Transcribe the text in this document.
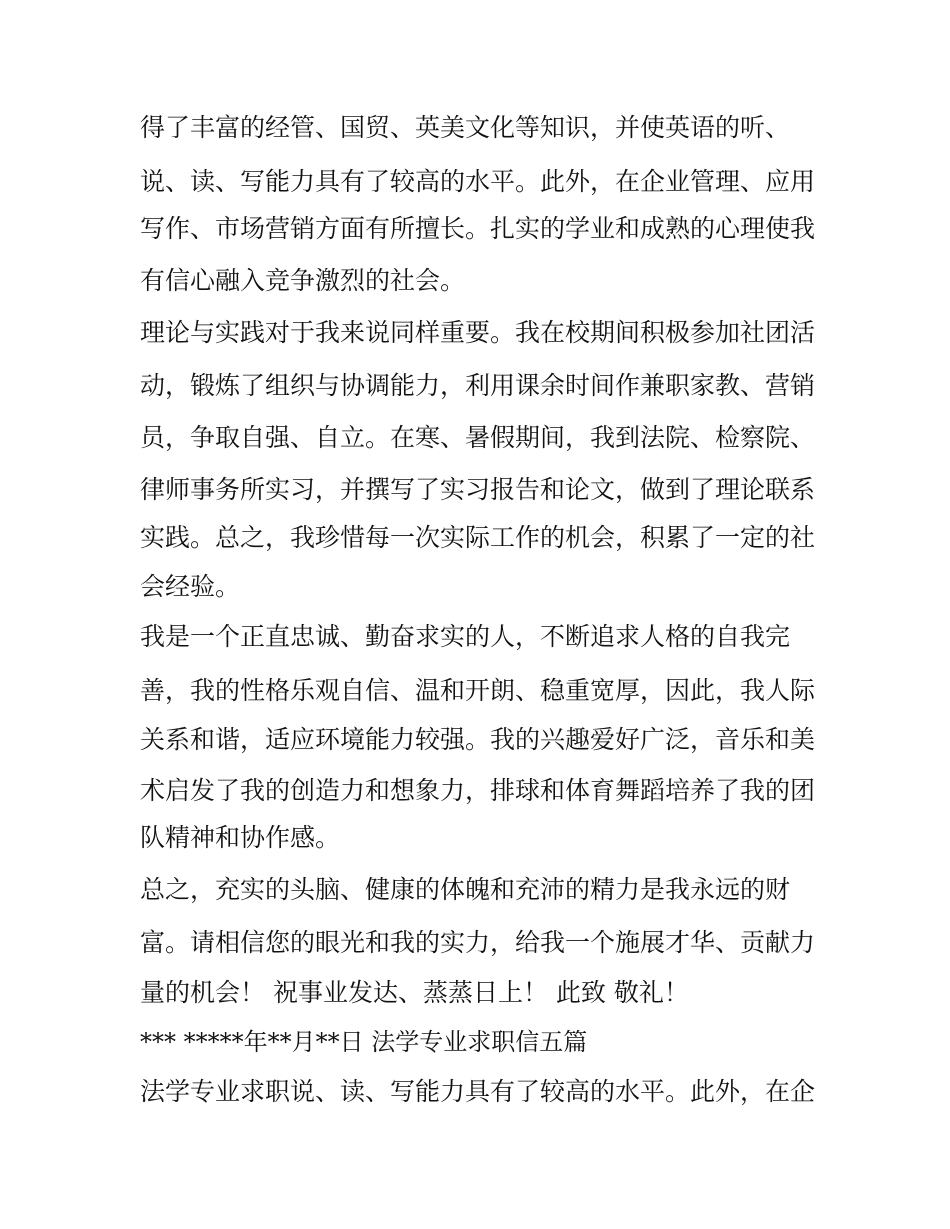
得了丰富的经管、国贸、英美文化等知识，并使英语的听、

说、读、写能力具有了较高的水平。此外，在企业管理、应用

写作、市场营销方面有所擅长。扎实的学业和成熟的心理使我

有信心融入竞争激烈的社会。

理论与实践对于我来说同样重要。我在校期间积极参加社团活

动，锻炼了组织与协调能力，利用课余时间作兼职家教、营销

员，争取自强、自立。在寒、暑假期间，我到法院、检察院、

律师事务所实习，并撰写了实习报告和论文，做到了理论联系

实践。总之，我珍惜每一次实际工作的机会，积累了一定的社

会经验。

我是一个正直忠诚、勤奋求实的人，不断追求人格的自我完

善，我的性格乐观自信、温和开朗、稳重宽厚，因此，我人际

关系和谐，适应环境能力较强。我的兴趣爱好广泛，音乐和美

术启发了我的创造力和想象力，排球和体育舞蹈培养了我的团

队精神和协作感。

总之，充实的头脑、健康的体魄和充沛的精力是我永远的财

富。请相信您的眼光和我的实力，给我一个施展才华、贡献力

量的机会！ 祝事业发达、蒸蒸日上！ 此致 敬礼！

*** *****年**月**日 法学专业求职信五篇

法学专业求职说、读、写能力具有了较高的水平。此外，在企
